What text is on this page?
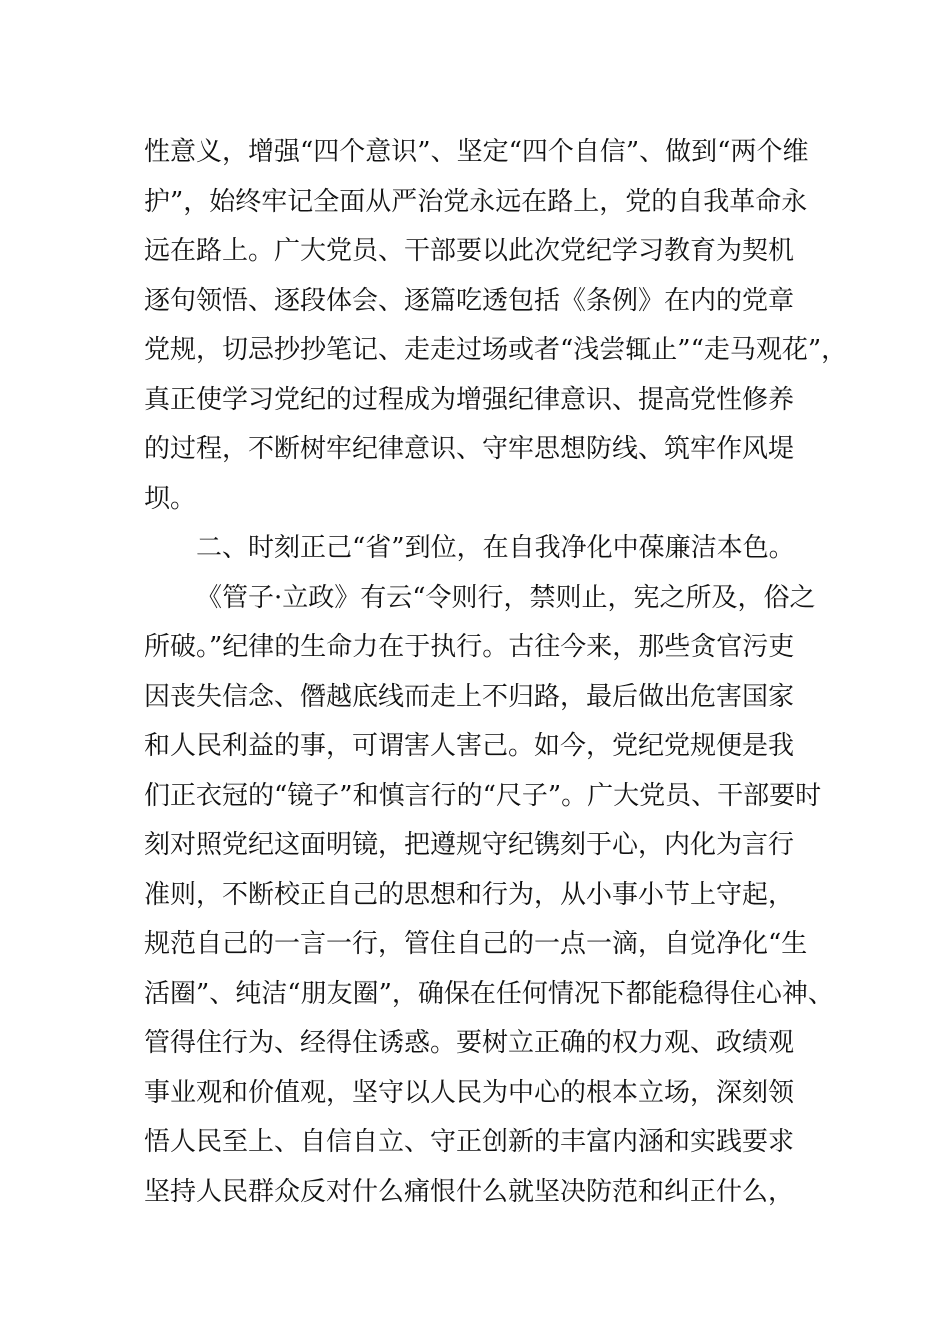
性意义，增强“四个意识”、坚定“四个自信”、做到“两个维
护”，始终牢记全面从严治党永远在路上，党的自我革命永
远在路上。广大党员、干部要以此次党纪学习教育为契机
逐句领悟、逐段体会、逐篇吃透包括《条例》在内的党章
党规，切忌抄抄笔记、走走过场或者“浅尝辄止”“走马观花”，
真正使学习党纪的过程成为增强纪律意识、提高党性修养
的过程，不断树牢纪律意识、守牢思想防线、筑牢作风堤
坝。
二、时刻正己“省”到位，在自我净化中葆廉洁本色。
《管子·立政》有云“令则行，禁则止，宪之所及，俗之
所破。”纪律的生命力在于执行。古往今来，那些贪官污吏
因丧失信念、僭越底线而走上不归路，最后做出危害国家
和人民利益的事，可谓害人害己。如今，党纪党规便是我
们正衣冠的“镜子”和慎言行的“尺子”。广大党员、干部要时
刻对照党纪这面明镜，把遵规守纪镌刻于心，内化为言行
准则，不断校正自己的思想和行为，从小事小节上守起，
规范自己的一言一行，管住自己的一点一滴，自觉净化“生
活圈”、纯洁“朋友圈”，确保在任何情况下都能稳得住心神、
管得住行为、经得住诱惑。要树立正确的权力观、政绩观
事业观和价值观，坚守以人民为中心的根本立场，深刻领
悟人民至上、自信自立、守正创新的丰富内涵和实践要求
坚持人民群众反对什么痛恨什么就坚决防范和纠正什么，
